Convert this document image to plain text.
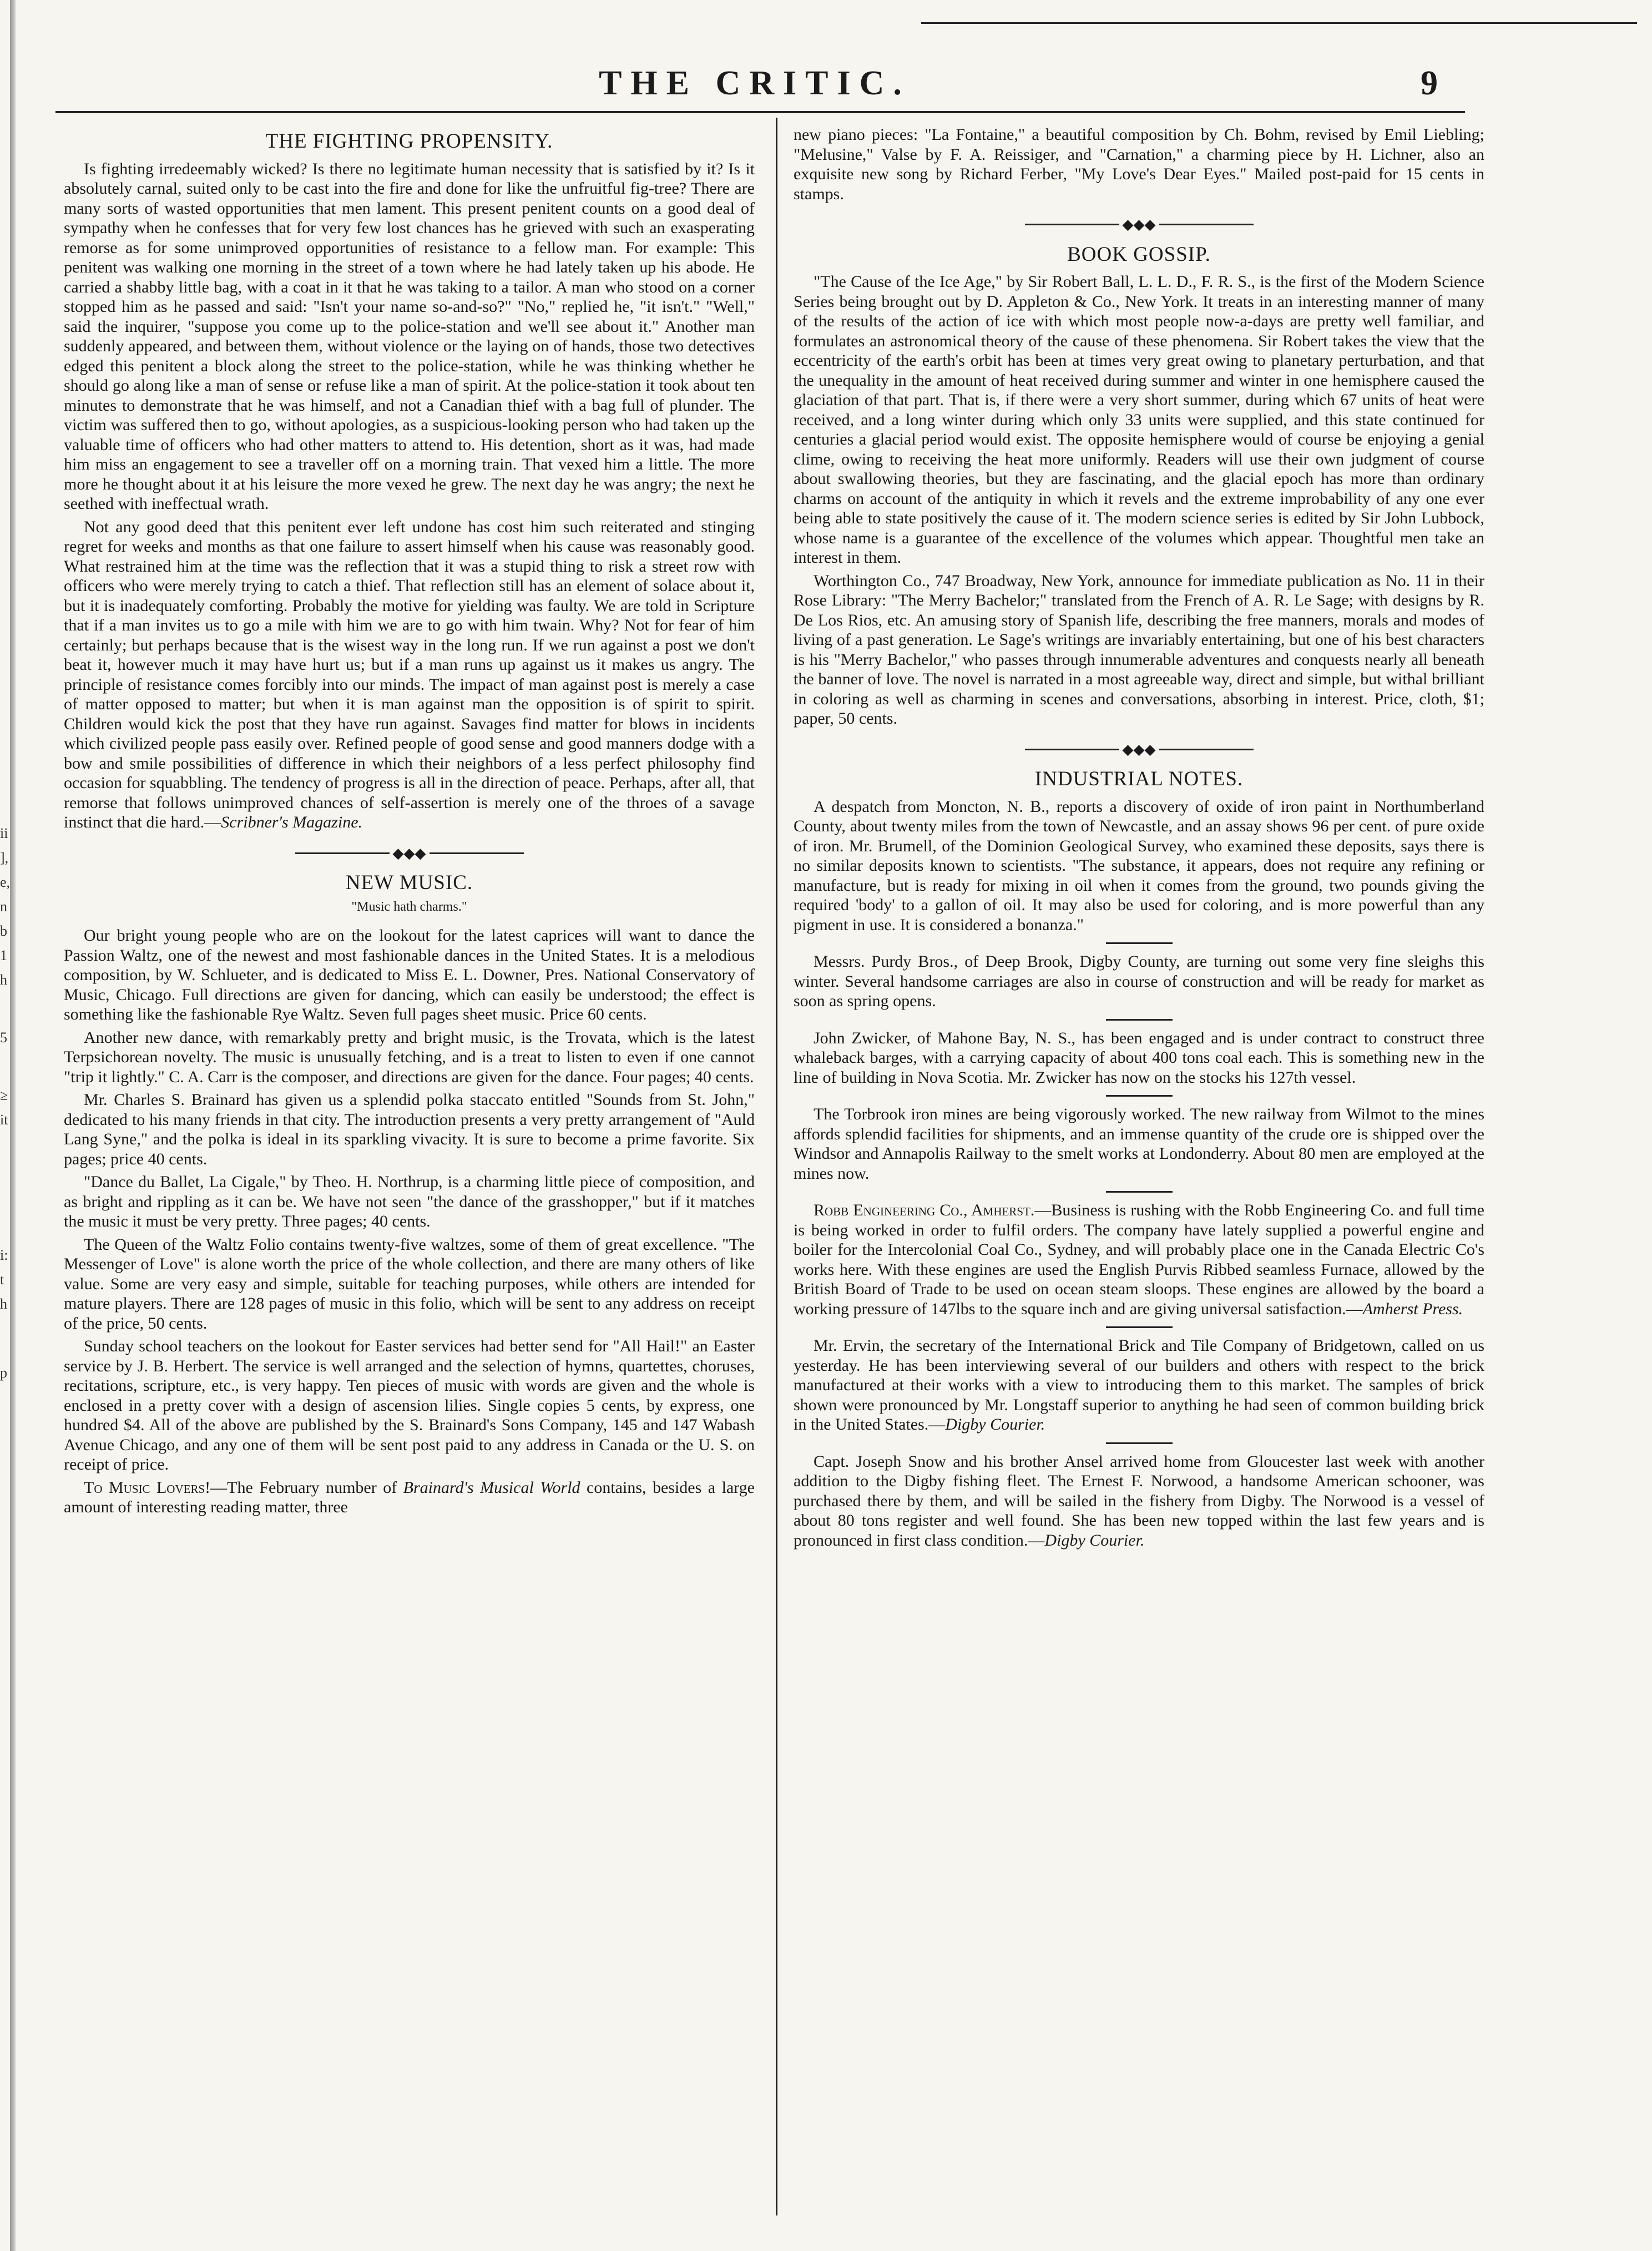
THE CRITIC.	9
ii
],
e,
n
b
1
h
5
≥
it
i:
t
h
p
THE FIGHTING PROPENSITY.

Is fighting irredeemably wicked? Is there no legitimate human necessity that is satisfied by it? Is it absolutely carnal, suited only to be cast into the fire and done for like the unfruitful fig-tree? There are many sorts of wasted opportunities that men lament. This present penitent counts on a good deal of sympathy when he confesses that for very few lost chances has he grieved with such an exasperating remorse as for some unimproved opportunities of resistance to a fellow man. For example: This penitent was walking one morning in the street of a town where he had lately taken up his abode. He carried a shabby little bag, with a coat in it that he was taking to a tailor. A man who stood on a corner stopped him as he passed and said: "Isn't your name so-and-so?" "No," replied he, "it isn't." "Well," said the inquirer, "suppose you come up to the police-station and we'll see about it." Another man suddenly appeared, and between them, without violence or the laying on of hands, those two detectives edged this penitent a block along the street to the police-station, while he was thinking whether he should go along like a man of sense or refuse like a man of spirit. At the police-station it took about ten minutes to demonstrate that he was himself, and not a Canadian thief with a bag full of plunder. The victim was suffered then to go, without apologies, as a suspicious-looking person who had taken up the valuable time of officers who had other matters to attend to. His detention, short as it was, had made him miss an engagement to see a traveller off on a morning train. That vexed him a little. The more more he thought about it at his leisure the more vexed he grew. The next day he was angry; the next he seethed with ineffectual wrath.

Not any good deed that this penitent ever left undone has cost him such reiterated and stinging regret for weeks and months as that one failure to assert himself when his cause was reasonably good. What restrained him at the time was the reflection that it was a stupid thing to risk a street row with officers who were merely trying to catch a thief. That reflection still has an element of solace about it, but it is inadequately comforting. Probably the motive for yielding was faulty. We are told in Scripture that if a man invites us to go a mile with him we are to go with him twain. Why? Not for fear of him certainly; but perhaps because that is the wisest way in the long run. If we run against a post we don't beat it, however much it may have hurt us; but if a man runs up against us it makes us angry. The principle of resistance comes forcibly into our minds. The impact of man against post is merely a case of matter opposed to matter; but when it is man against man the opposition is of spirit to spirit. Children would kick the post that they have run against. Savages find matter for blows in incidents which civilized people pass easily over. Refined people of good sense and good manners dodge with a bow and smile possibilities of difference in which their neighbors of a less perfect philosophy find occasion for squabbling. The tendency of progress is all in the direction of peace. Perhaps, after all, that remorse that follows unimproved chances of self-assertion is merely one of the throes of a savage instinct that die hard.—Scribner's Magazine.

◆◆◆
NEW MUSIC.
"Music hath charms."

Our bright young people who are on the lookout for the latest caprices will want to dance the Passion Waltz, one of the newest and most fashionable dances in the United States. It is a melodious composition, by W. Schlueter, and is dedicated to Miss E. L. Downer, Pres. National Conservatory of Music, Chicago. Full directions are given for dancing, which can easily be understood; the effect is something like the fashionable Rye Waltz. Seven full pages sheet music. Price 60 cents.

Another new dance, with remarkably pretty and bright music, is the Trovata, which is the latest Terpsichorean novelty. The music is unusually fetching, and is a treat to listen to even if one cannot "trip it lightly." C. A. Carr is the composer, and directions are given for the dance. Four pages; 40 cents.

Mr. Charles S. Brainard has given us a splendid polka staccato entitled "Sounds from St. John," dedicated to his many friends in that city. The introduction presents a very pretty arrangement of "Auld Lang Syne," and the polka is ideal in its sparkling vivacity. It is sure to become a prime favorite. Six pages; price 40 cents.

"Dance du Ballet, La Cigale," by Theo. H. Northrup, is a charming little piece of composition, and as bright and rippling as it can be. We have not seen "the dance of the grasshopper," but if it matches the music it must be very pretty. Three pages; 40 cents.

The Queen of the Waltz Folio contains twenty-five waltzes, some of them of great excellence. "The Messenger of Love" is alone worth the price of the whole collection, and there are many others of like value. Some are very easy and simple, suitable for teaching purposes, while others are intended for mature players. There are 128 pages of music in this folio, which will be sent to any address on receipt of the price, 50 cents.

Sunday school teachers on the lookout for Easter services had better send for "All Hail!" an Easter service by J. B. Herbert. The service is well arranged and the selection of hymns, quartettes, choruses, recitations, scripture, etc., is very happy. Ten pieces of music with words are given and the whole is enclosed in a pretty cover with a design of ascension lilies. Single copies 5 cents, by express, one hundred $4. All of the above are published by the S. Brainard's Sons Company, 145 and 147 Wabash Avenue Chicago, and any one of them will be sent post paid to any address in Canada or the U. S. on receipt of price.

To Music Lovers!—The February number of Brainard's Musical World contains, besides a large amount of interesting reading matter, three

new piano pieces: "La Fontaine," a beautiful composition by Ch. Bohm, revised by Emil Liebling; "Melusine," Valse by F. A. Reissiger, and "Carnation," a charming piece by H. Lichner, also an exquisite new song by Richard Ferber, "My Love's Dear Eyes." Mailed post-paid for 15 cents in stamps.

◆◆◆
BOOK GOSSIP.

"The Cause of the Ice Age," by Sir Robert Ball, L. L. D., F. R. S., is the first of the Modern Science Series being brought out by D. Appleton & Co., New York. It treats in an interesting manner of many of the results of the action of ice with which most people now-a-days are pretty well familiar, and formulates an astronomical theory of the cause of these phenomena. Sir Robert takes the view that the eccentricity of the earth's orbit has been at times very great owing to planetary perturbation, and that the unequality in the amount of heat received during summer and winter in one hemisphere caused the glaciation of that part. That is, if there were a very short summer, during which 67 units of heat were received, and a long winter during which only 33 units were supplied, and this state continued for centuries a glacial period would exist. The opposite hemisphere would of course be enjoying a genial clime, owing to receiving the heat more uniformly. Readers will use their own judgment of course about swallowing theories, but they are fascinating, and the glacial epoch has more than ordinary charms on account of the antiquity in which it revels and the extreme improbability of any one ever being able to state positively the cause of it. The modern science series is edited by Sir John Lubbock, whose name is a guarantee of the excellence of the volumes which appear. Thoughtful men take an interest in them.

Worthington Co., 747 Broadway, New York, announce for immediate publication as No. 11 in their Rose Library: "The Merry Bachelor;" translated from the French of A. R. Le Sage; with designs by R. De Los Rios, etc. An amusing story of Spanish life, describing the free manners, morals and modes of living of a past generation. Le Sage's writings are invariably entertaining, but one of his best characters is his "Merry Bachelor," who passes through innumerable adventures and conquests nearly all beneath the banner of love. The novel is narrated in a most agreeable way, direct and simple, but withal brilliant in coloring as well as charming in scenes and conversations, absorbing in interest. Price, cloth, $1; paper, 50 cents.

◆◆◆
INDUSTRIAL NOTES.

A despatch from Moncton, N. B., reports a discovery of oxide of iron paint in Northumberland County, about twenty miles from the town of Newcastle, and an assay shows 96 per cent. of pure oxide of iron. Mr. Brumell, of the Dominion Geological Survey, who examined these deposits, says there is no similar deposits known to scientists. "The substance, it appears, does not require any refining or manufacture, but is ready for mixing in oil when it comes from the ground, two pounds giving the required 'body' to a gallon of oil. It may also be used for coloring, and is more powerful than any pigment in use. It is considered a bonanza."

Messrs. Purdy Bros., of Deep Brook, Digby County, are turning out some very fine sleighs this winter. Several handsome carriages are also in course of construction and will be ready for market as soon as spring opens.

John Zwicker, of Mahone Bay, N. S., has been engaged and is under contract to construct three whaleback barges, with a carrying capacity of about 400 tons coal each. This is something new in the line of building in Nova Scotia. Mr. Zwicker has now on the stocks his 127th vessel.

The Torbrook iron mines are being vigorously worked. The new railway from Wilmot to the mines affords splendid facilities for shipments, and an immense quantity of the crude ore is shipped over the Windsor and Annapolis Railway to the smelt works at Londonderry. About 80 men are employed at the mines now.

Robb Engineering Co., Amherst.—Business is rushing with the Robb Engineering Co. and full time is being worked in order to fulfil orders. The company have lately supplied a powerful engine and boiler for the Intercolonial Coal Co., Sydney, and will probably place one in the Canada Electric Co's works here. With these engines are used the English Purvis Ribbed seamless Furnace, allowed by the British Board of Trade to be used on ocean steam sloops. These engines are allowed by the board a working pressure of 147lbs to the square inch and are giving universal satisfaction.—Amherst Press.

Mr. Ervin, the secretary of the International Brick and Tile Company of Bridgetown, called on us yesterday. He has been interviewing several of our builders and others with respect to the brick manufactured at their works with a view to introducing them to this market. The samples of brick shown were pronounced by Mr. Longstaff superior to anything he had seen of common building brick in the United States.—Digby Courier.

Capt. Joseph Snow and his brother Ansel arrived home from Gloucester last week with another addition to the Digby fishing fleet. The Ernest F. Norwood, a handsome American schooner, was purchased there by them, and will be sailed in the fishery from Digby. The Norwood is a vessel of about 80 tons register and well found. She has been new topped within the last few years and is pronounced in first class condition.—Digby Courier.
